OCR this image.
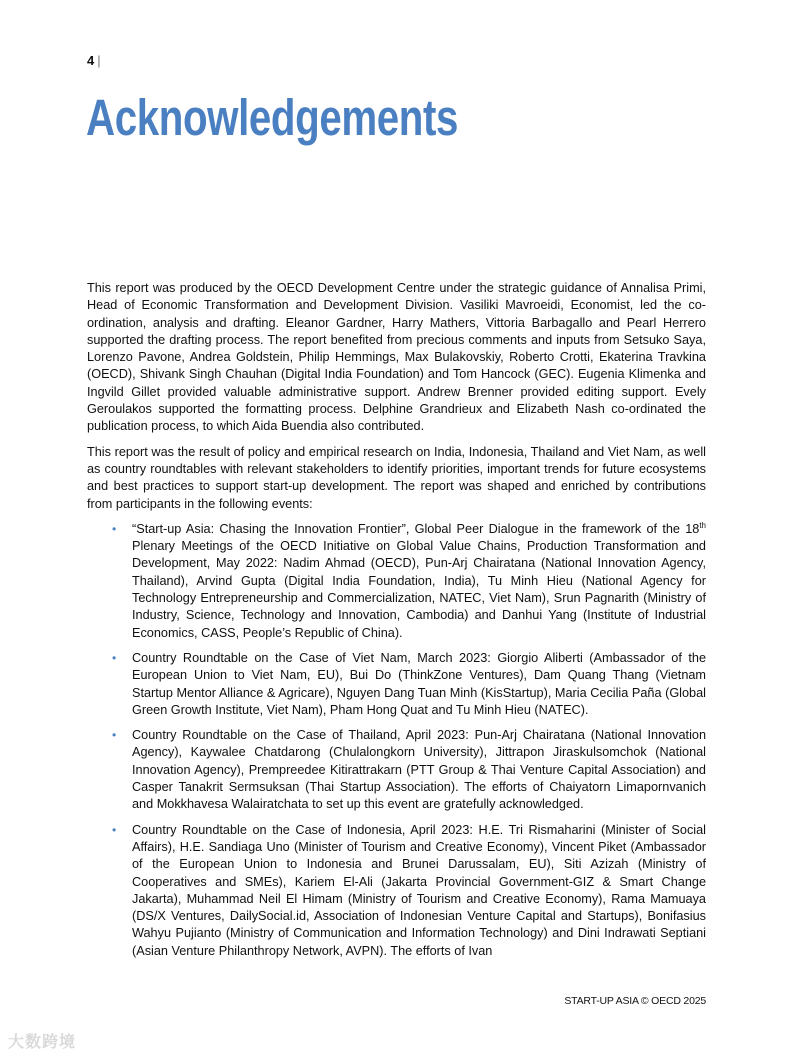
4 |
Acknowledgements

This report was produced by the OECD Development Centre under the strategic guidance of Annalisa Primi, Head of Economic Transformation and Development Division. Vasiliki Mavroeidi, Economist, led the co-ordination, analysis and drafting. Eleanor Gardner, Harry Mathers, Vittoria Barbagallo and Pearl Herrero supported the drafting process. The report benefited from precious comments and inputs from Setsuko Saya, Lorenzo Pavone, Andrea Goldstein, Philip Hemmings, Max Bulakovskiy, Roberto Crotti, Ekaterina Travkina (OECD), Shivank Singh Chauhan (Digital India Foundation) and Tom Hancock (GEC). Eugenia Klimenka and Ingvild Gillet provided valuable administrative support. Andrew Brenner provided editing support. Evely Geroulakos supported the formatting process. Delphine Grandrieux and Elizabeth Nash co-ordinated the publication process, to which Aida Buendia also contributed.

This report was the result of policy and empirical research on India, Indonesia, Thailand and Viet Nam, as well as country roundtables with relevant stakeholders to identify priorities, important trends for future ecosystems and best practices to support start-up development. The report was shaped and enriched by contributions from participants in the following events:

• “Start-up Asia: Chasing the Innovation Frontier”, Global Peer Dialogue in the framework of the 18th Plenary Meetings of the OECD Initiative on Global Value Chains, Production Transformation and Development, May 2022: Nadim Ahmad (OECD), Pun-Arj Chairatana (National Innovation Agency, Thailand), Arvind Gupta (Digital India Foundation, India), Tu Minh Hieu (National Agency for Technology Entrepreneurship and Commercialization, NATEC, Viet Nam), Srun Pagnarith (Ministry of Industry, Science, Technology and Innovation, Cambodia) and Danhui Yang (Institute of Industrial Economics, CASS, People’s Republic of China).
• Country Roundtable on the Case of Viet Nam, March 2023: Giorgio Aliberti (Ambassador of the European Union to Viet Nam, EU), Bui Do (ThinkZone Ventures), Dam Quang Thang (Vietnam Startup Mentor Alliance & Agricare), Nguyen Dang Tuan Minh (KisStartup), Maria Cecilia Paña (Global Green Growth Institute, Viet Nam), Pham Hong Quat and Tu Minh Hieu (NATEC).
• Country Roundtable on the Case of Thailand, April 2023: Pun-Arj Chairatana (National Innovation Agency), Kaywalee Chatdarong (Chulalongkorn University), Jittrapon Jiraskulsomchok (National Innovation Agency), Prempreedee Kitirattrakarn (PTT Group & Thai Venture Capital Association) and Casper Tanakrit Sermsuksan (Thai Startup Association). The efforts of Chaiyatorn Limapornvanich and Mokkhavesa Walairatchata to set up this event are gratefully acknowledged.
• Country Roundtable on the Case of Indonesia, April 2023: H.E. Tri Rismaharini (Minister of Social Affairs), H.E. Sandiaga Uno (Minister of Tourism and Creative Economy), Vincent Piket (Ambassador of the European Union to Indonesia and Brunei Darussalam, EU), Siti Azizah (Ministry of Cooperatives and SMEs), Kariem El-Ali (Jakarta Provincial Government-GIZ & Smart Change Jakarta), Muhammad Neil El Himam (Ministry of Tourism and Creative Economy), Rama Mamuaya (DS/X Ventures, DailySocial.id, Association of Indonesian Venture Capital and Startups), Bonifasius Wahyu Pujianto (Ministry of Communication and Information Technology) and Dini Indrawati Septiani (Asian Venture Philanthropy Network, AVPN). The efforts of Ivan
START-UP ASIA © OECD 2025
大数跨境
